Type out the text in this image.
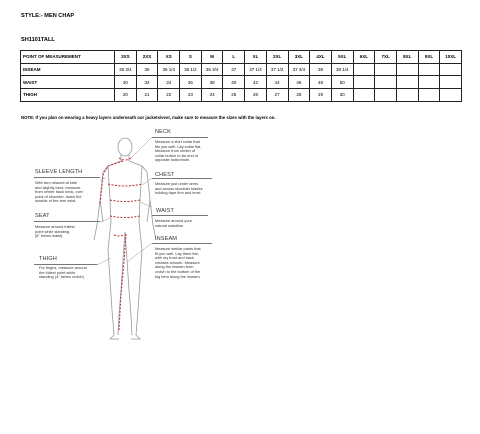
STYLE:- MEN CHAP
SH1101TALL
POINT OF MEASUREMENT	3XS	2XS	XS	S	M	L	XL	2XL	3XL	4XL	5XL	6XL	7XL	8XL	9XL	10XL
INSEAM	35 3/4	36	36 1/4	36 1/2	36 3/4	37	37 1/4	37 1/2	37 3/4	38	38 1/4					
WAIST	30	32	34	36	38	40	42	44	46	48	50					
THIGH	20	21	22	23	24	25	26	27	28	29	30					
NOTE: If you plan on wearing a heavy layers underneath our jackets/vest, make sure to measure the sizes with the layers on.
NECK
Measure a shirt collar that
fits you well. Lay collar flat.
Measure from center of
collar button to far end of
opposite buttonhole.
CHEST
Measure just under arms
and across shoulder blades
holding tape firm and level.
WAIST
Measure around your
natural waistline.
INSEAM
Measure similar pants that
fit you well. Lay them flat,
with my front and back
creases smooth. Measure
along the inseam from
crotch to the bottom of the
big hem along the inseam.
SLEEVE LENGTH
With arm relaxed at side
and slightly bent, measure
from center back neck, over
point of shoulder, down the
outside of the arm wrist.
SEAT
Measure around fullest
point while standing.
(8" below waist).
THIGH
For thighs, measure around
the fullest point while
standing (4" below crotch)
